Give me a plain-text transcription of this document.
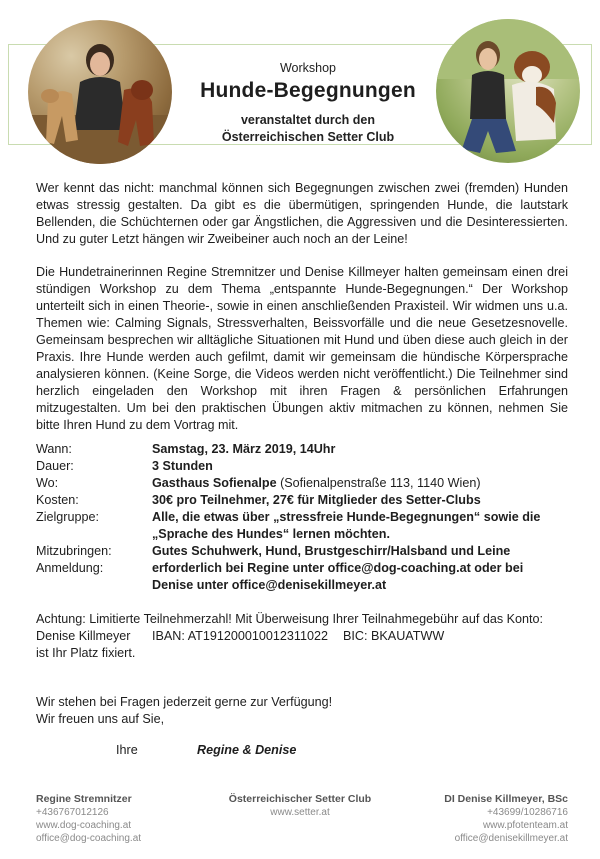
Workshop

Hunde-Begegnungen

veranstaltet durch den

Österreichischen Setter Club

Wer kennt das nicht: manchmal können sich Begegnungen zwischen zwei (fremden) Hunden etwas stressig gestalten. Da gibt es die übermütigen, springenden Hunde, die lautstark Bellenden, die Schüchternen oder gar Ängstlichen, die Aggressiven und die Desinteressierten. Und zu guter Letzt hängen wir Zweibeiner auch noch an der Leine!

Die Hundetrainerinnen Regine Stremnitzer und Denise Killmeyer halten gemeinsam einen drei stündigen Workshop zu dem Thema „entspannte Hunde-Begegnungen.“ Der Workshop unterteilt sich in einen Theorie-, sowie in einen anschließenden Praxisteil. Wir widmen uns u.a. Themen wie: Calming Signals, Stressverhalten, Beissvorfälle und die neue Gesetzesnovelle. Gemeinsam besprechen wir alltägliche Situationen mit Hund und üben diese auch gleich in der Praxis. Ihre Hunde werden auch gefilmt, damit wir gemeinsam die hündische Körpersprache analysieren können. (Keine Sorge, die Videos werden nicht veröffentlicht.) Die Teilnehmer sind herzlich eingeladen den Workshop mit ihren Fragen & persönlichen Erfahrungen mitzugestalten. Um bei den praktischen Übungen aktiv mitmachen zu können, nehmen Sie bitte Ihren Hund zu dem Vortrag mit.

Wann:	Samstag, 23. März 2019, 14Uhr
Dauer:	3 Stunden
Wo:	Gasthaus Sofienalpe (Sofienalpenstraße 113, 1140 Wien)
Kosten:	30€ pro Teilnehmer, 27€ für Mitglieder des Setter-Clubs
Zielgruppe:	Alle, die etwas über „stressfreie Hunde-Begegnungen“ sowie die
„Sprache des Hundes“ lernen möchten.
Mitzubringen:	Gutes Schuhwerk, Hund, Brustgeschirr/Halsband und Leine
Anmeldung:	erforderlich bei Regine unter office@dog-coaching.at oder bei
Denise unter office@denisekillmeyer.at
Achtung: Limitierte Teilnehmerzahl! Mit Überweisung Ihrer Teilnahmegebühr auf das Konto:
Denise Killmeyer IBAN: AT191200010012311022 BIC: BKAUATWW
ist Ihr Platz fixiert.
Wir stehen bei Fragen jederzeit gerne zur Verfügung!
Wir freuen uns auf Sie,
Ihre	Regine & Denise
Regine Stremnitzer
+436767012126
www.dog-coaching.at
office@dog-coaching.at
Österreichischer Setter Club
www.setter.at
DI Denise Killmeyer, BSc
+43699/10286716
www.pfotenteam.at
office@denisekillmeyer.at
